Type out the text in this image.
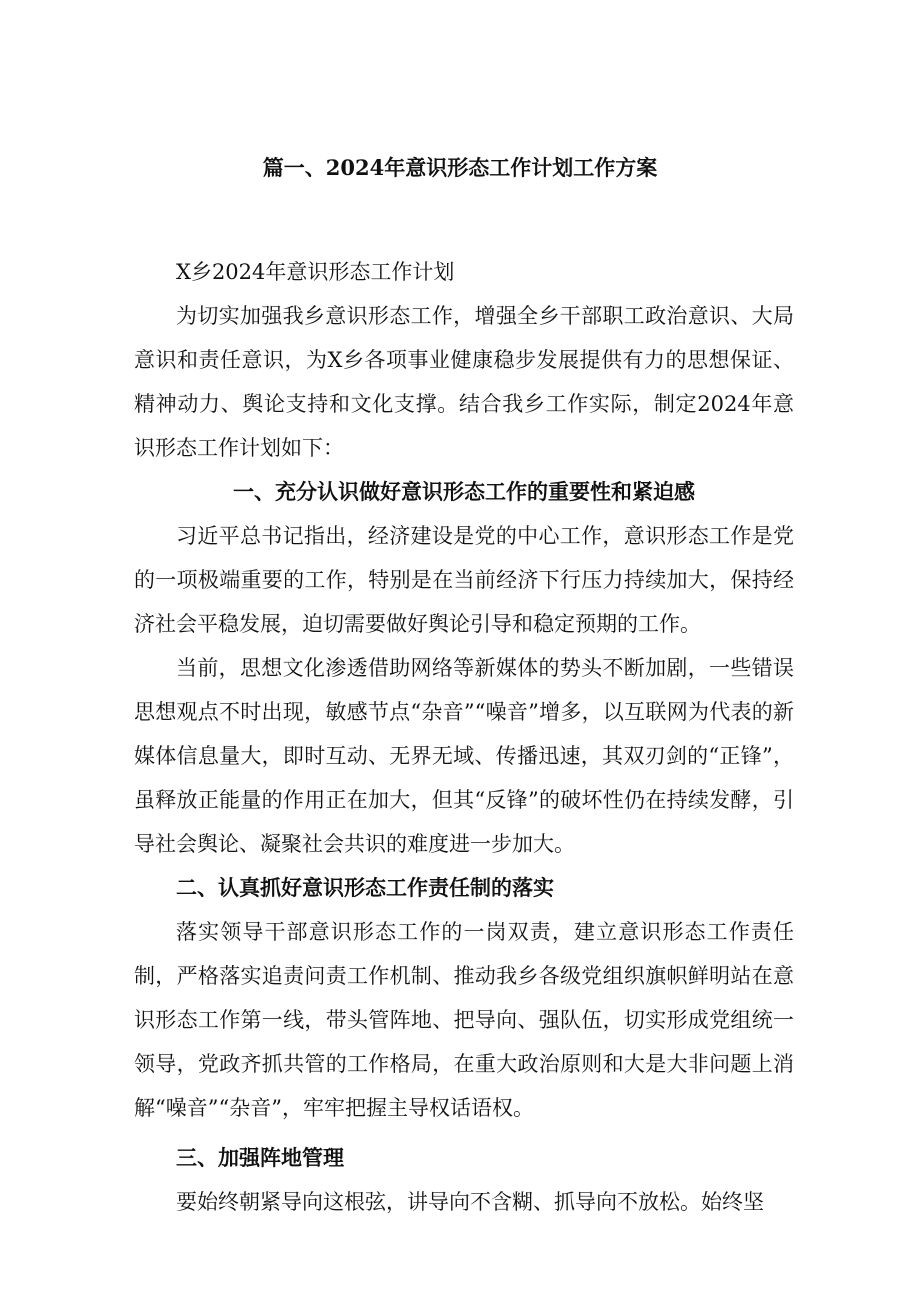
篇一、2024年意识形态工作计划工作方案

X乡2024年意识形态工作计划

为切实加强我乡意识形态工作，增强全乡干部职工政治意识、大局意识和责任意识，为X乡各项事业健康稳步发展提供有力的思想保证、精神动力、舆论支持和文化支撑。结合我乡工作实际，制定2024年意识形态工作计划如下：

一、充分认识做好意识形态工作的重要性和紧迫感

习近平总书记指出，经济建设是党的中心工作，意识形态工作是党的一项极端重要的工作，特别是在当前经济下行压力持续加大，保持经济社会平稳发展，迫切需要做好舆论引导和稳定预期的工作。

当前，思想文化渗透借助网络等新媒体的势头不断加剧，一些错误思想观点不时出现，敏感节点“杂音”“噪音”增多，以互联网为代表的新媒体信息量大，即时互动、无界无域、传播迅速，其双刃剑的“正锋”，虽释放正能量的作用正在加大，但其“反锋”的破坏性仍在持续发酵，引导社会舆论、凝聚社会共识的难度进一步加大。

二、认真抓好意识形态工作责任制的落实

落实领导干部意识形态工作的一岗双责，建立意识形态工作责任制，严格落实追责问责工作机制、推动我乡各级党组织旗帜鲜明站在意识形态工作第一线，带头管阵地、把导向、强队伍，切实形成党组统一领导，党政齐抓共管的工作格局，在重大政治原则和大是大非问题上消解“噪音”“杂音”，牢牢把握主导权话语权。

三、加强阵地管理

要始终朝紧导向这根弦，讲导向不含糊、抓导向不放松。始终坚
